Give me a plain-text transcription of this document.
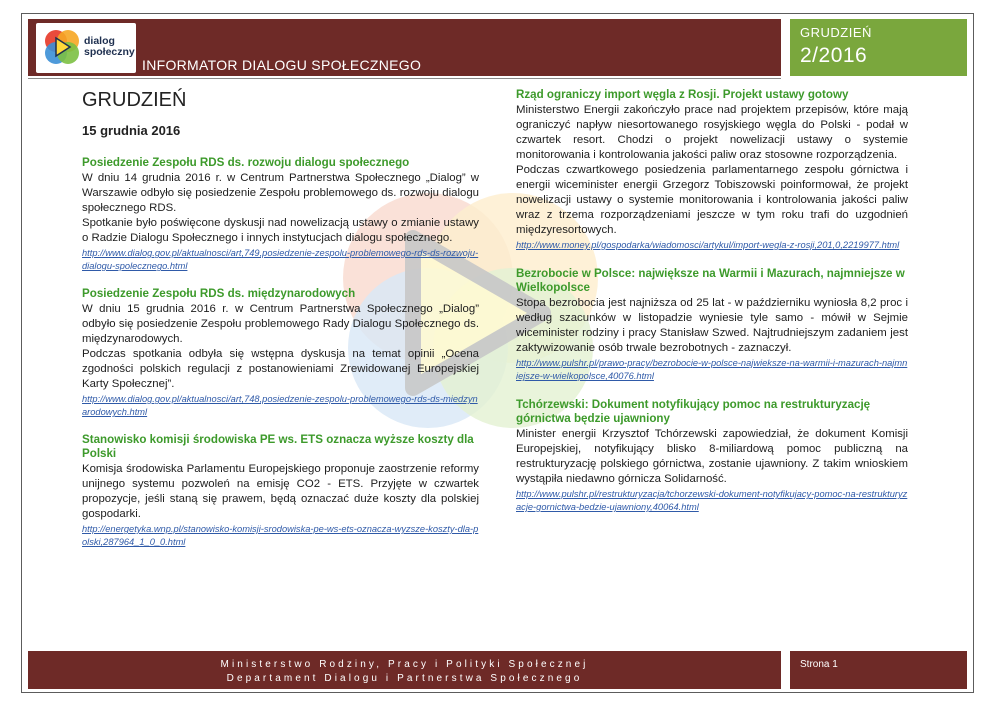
dialog
społeczny
INFORMATOR DIALOGU SPOŁECZNEGO
GRUDZIEŃ
2/2016
GRUDZIEŃ
15 grudnia 2016
Posiedzenie Zespołu RDS ds. rozwoju dialogu społecznego

W dniu 14 grudnia 2016 r. w Centrum Partnerstwa Społecznego „Dialog” w Warszawie odbyło się posiedzenie Zespołu problemowego ds. rozwoju dialogu społecznego RDS.

Spotkanie było poświęcone dyskusji nad nowelizacją ustawy o zmianie ustawy o Radzie Dialogu Społecznego i innych instytucjach dialogu społecznego.

http://www.dialog.gov.pl/aktualnosci/art,749,posiedzenie-zespolu-problemowego-rds-ds-rozwoju-dialogu-spolecznego.html
Posiedzenie Zespołu RDS ds. międzynarodowych

W dniu 15 grudnia 2016 r. w Centrum Partnerstwa Społecznego „Dialog” odbyło się posiedzenie Zespołu problemowego Rady Dialogu Społecznego ds. międzynarodowych.

Podczas spotkania odbyła się wstępna dyskusja na temat opinii „Ocena zgodności polskich regulacji z postanowieniami Zrewidowanej Europejskiej Karty Społecznej”.

http://www.dialog.gov.pl/aktualnosci/art,748,posiedzenie-zespolu-problemowego-rds-ds-miedzynarodowych.html
Stanowisko komisji środowiska PE ws. ETS oznacza wyższe koszty dla Polski

Komisja środowiska Parlamentu Europejskiego proponuje zaostrzenie reformy unijnego systemu pozwoleń na emisję CO2 - ETS. Przyjęte w czwartek propozycje, jeśli staną się prawem, będą oznaczać duże koszty dla polskiej gospodarki.

http://energetyka.wnp.pl/stanowisko-komisji-srodowiska-pe-ws-ets-oznacza-wyzsze-koszty-dla-polski,287964_1_0_0.html
Rząd ograniczy import węgla z Rosji. Projekt ustawy gotowy

Ministerstwo Energii zakończyło prace nad projektem przepisów, które mają ograniczyć napływ niesortowanego rosyjskiego węgla do Polski - podał w czwartek resort. Chodzi o projekt nowelizacji ustawy o systemie monitorowania i kontrolowania jakości paliw oraz stosowne rozporządzenia.

Podczas czwartkowego posiedzenia parlamentarnego zespołu górnictwa i energii wiceminister energii Grzegorz Tobiszowski poinformował, że projekt nowelizacji ustawy o systemie monitorowania i kontrolowania jakości paliw wraz z trzema rozporządzeniami jeszcze w tym roku trafi do uzgodnień międzyresortowych.

http://www.money.pl/gospodarka/wiadomosci/artykul/import-wegla-z-rosji,201,0,2219977.html
Bezrobocie w Polsce: największe na Warmii i Mazurach, najmniejsze w Wielkopolsce

Stopa bezrobocia jest najniższa od 25 lat - w październiku wyniosła 8,2 proc i według szacunków w listopadzie wyniesie tyle samo - mówił w Sejmie wiceminister rodziny i pracy Stanisław Szwed. Najtrudniejszym zadaniem jest zaktywizowanie osób trwale bezrobotnych - zaznaczył.

http://www.pulshr.pl/prawo-pracy/bezrobocie-w-polsce-najwieksze-na-warmii-i-mazurach-najmniejsze-w-wielkopolsce,40076.html
Tchórzewski: Dokument notyfikujący pomoc na restrukturyzację górnictwa będzie ujawniony

Minister energii Krzysztof Tchórzewski zapowiedział, że dokument Komisji Europejskiej, notyfikujący blisko 8-miliardową pomoc publiczną na restrukturyzację polskiego górnictwa, zostanie ujawniony. Z takim wnioskiem wystąpiła niedawno górnicza Solidarność.

http://www.pulshr.pl/restrukturyzacja/tchorzewski-dokument-notyfikujacy-pomoc-na-restrukturyzacje-gornictwa-bedzie-ujawniony,40064.html
Ministerstwo Rodziny, Pracy i Polityki Społecznej
Departament Dialogu i Partnerstwa Społecznego
Strona 1
